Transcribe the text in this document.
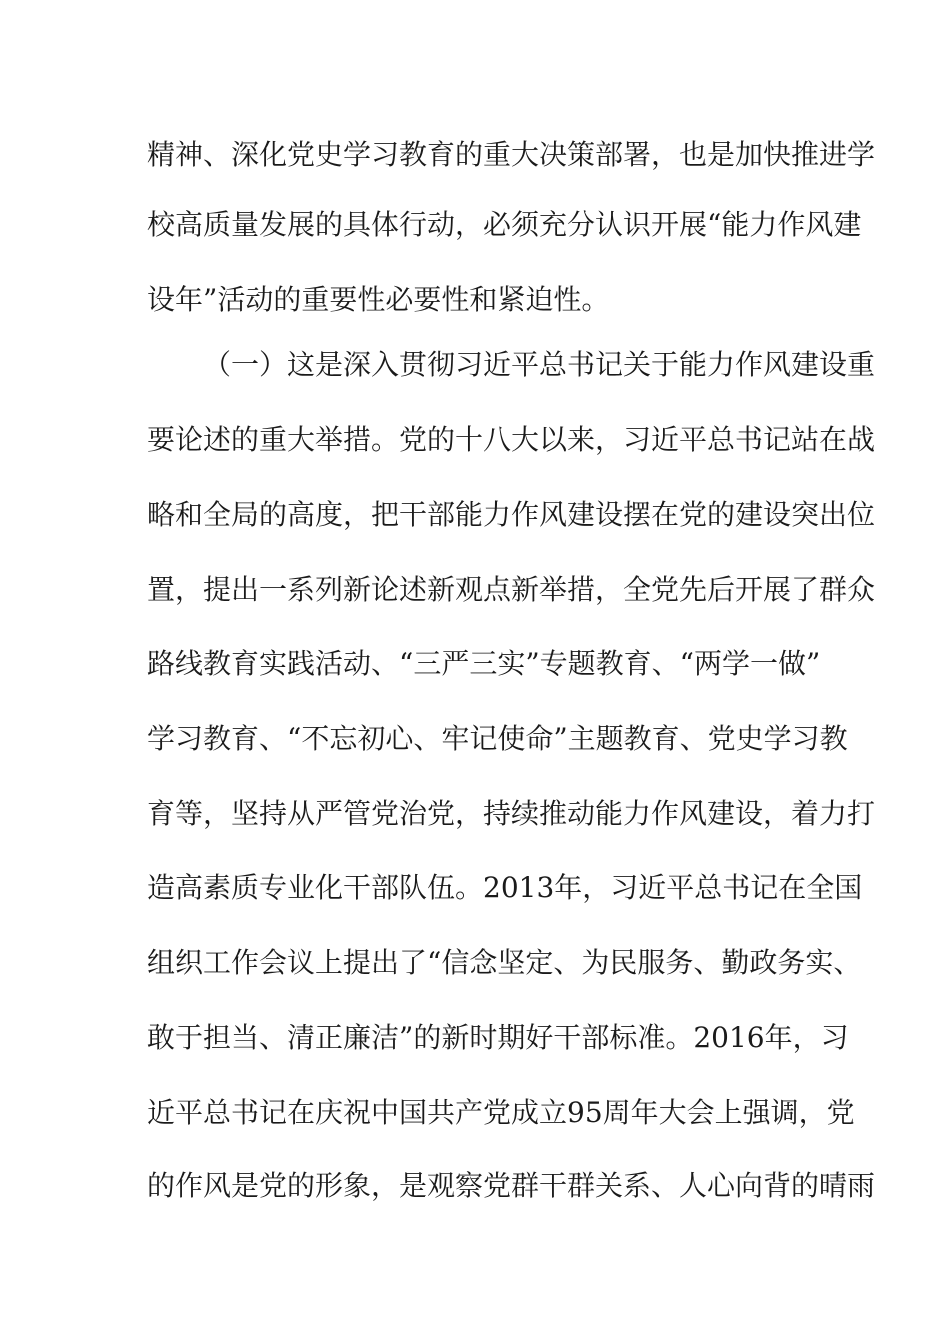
精神、深化党史学习教育的重大决策部署，也是加快推进学
校高质量发展的具体行动，必须充分认识开展“能力作风建
设年”活动的重要性必要性和紧迫性。
（一）这是深入贯彻习近平总书记关于能力作风建设重
要论述的重大举措。党的十八大以来，习近平总书记站在战
略和全局的高度，把干部能力作风建设摆在党的建设突出位
置，提出一系列新论述新观点新举措，全党先后开展了群众
路线教育实践活动、“三严三实”专题教育、“两学一做”
学习教育、“不忘初心、牢记使命”主题教育、党史学习教
育等，坚持从严管党治党，持续推动能力作风建设，着力打
造高素质专业化干部队伍。2013年，习近平总书记在全国
组织工作会议上提出了“信念坚定、为民服务、勤政务实、
敢于担当、清正廉洁”的新时期好干部标准。2016年，习
近平总书记在庆祝中国共产党成立95周年大会上强调，党
的作风是党的形象，是观察党群干群关系、人心向背的晴雨
